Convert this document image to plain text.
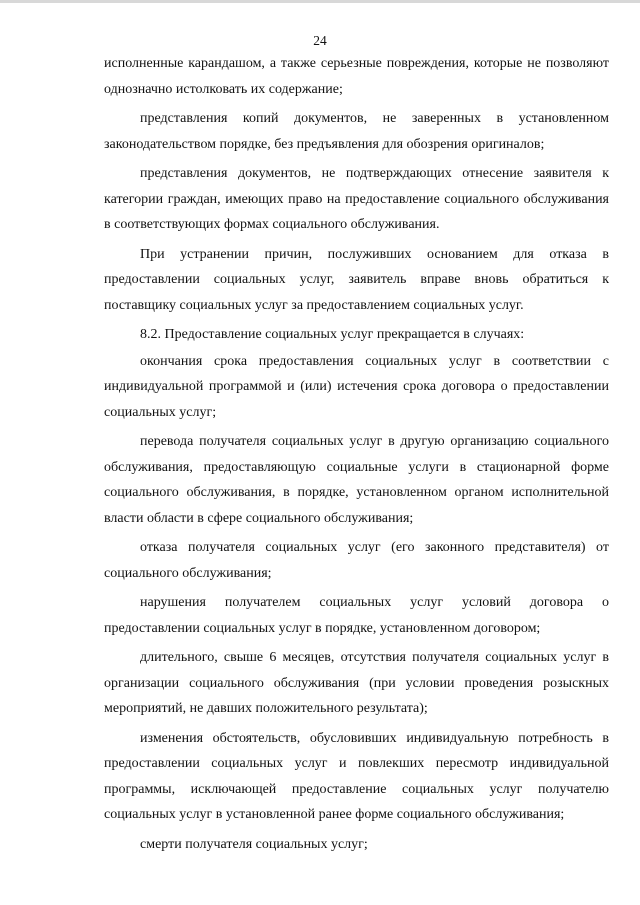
24

исполненные карандашом, а также серьезные повреждения, которые не позволяют однозначно истолковать их содержание;

представления копий документов, не заверенных в установленном законодательством порядке, без предъявления для обозрения оригиналов;

представления документов, не подтверждающих отнесение заявителя к категории граждан, имеющих право на предоставление социального обслуживания в соответствующих формах социального обслуживания.

При устранении причин, послуживших основанием для отказа в предоставлении социальных услуг, заявитель вправе вновь обратиться к поставщику социальных услуг за предоставлением социальных услуг.

8.2. Предоставление социальных услуг прекращается в случаях:

окончания срока предоставления социальных услуг в соответствии с индивидуальной программой и (или) истечения срока договора о предоставлении социальных услуг;

перевода получателя социальных услуг в другую организацию социального обслуживания, предоставляющую социальные услуги в стационарной форме социального обслуживания, в порядке, установленном органом исполнительной власти области в сфере социального обслуживания;

отказа получателя социальных услуг (его законного представителя) от социального обслуживания;

нарушения получателем социальных услуг условий договора о предоставлении социальных услуг в порядке, установленном договором;

длительного, свыше 6 месяцев, отсутствия получателя социальных услуг в организации социального обслуживания (при условии проведения розыскных мероприятий, не давших положительного результата);

изменения обстоятельств, обусловивших индивидуальную потребность в предоставлении социальных услуг и повлекших пересмотр индивидуальной программы, исключающей предоставление социальных услуг получателю социальных услуг в установленной ранее форме социального обслуживания;

смерти получателя социальных услуг;
